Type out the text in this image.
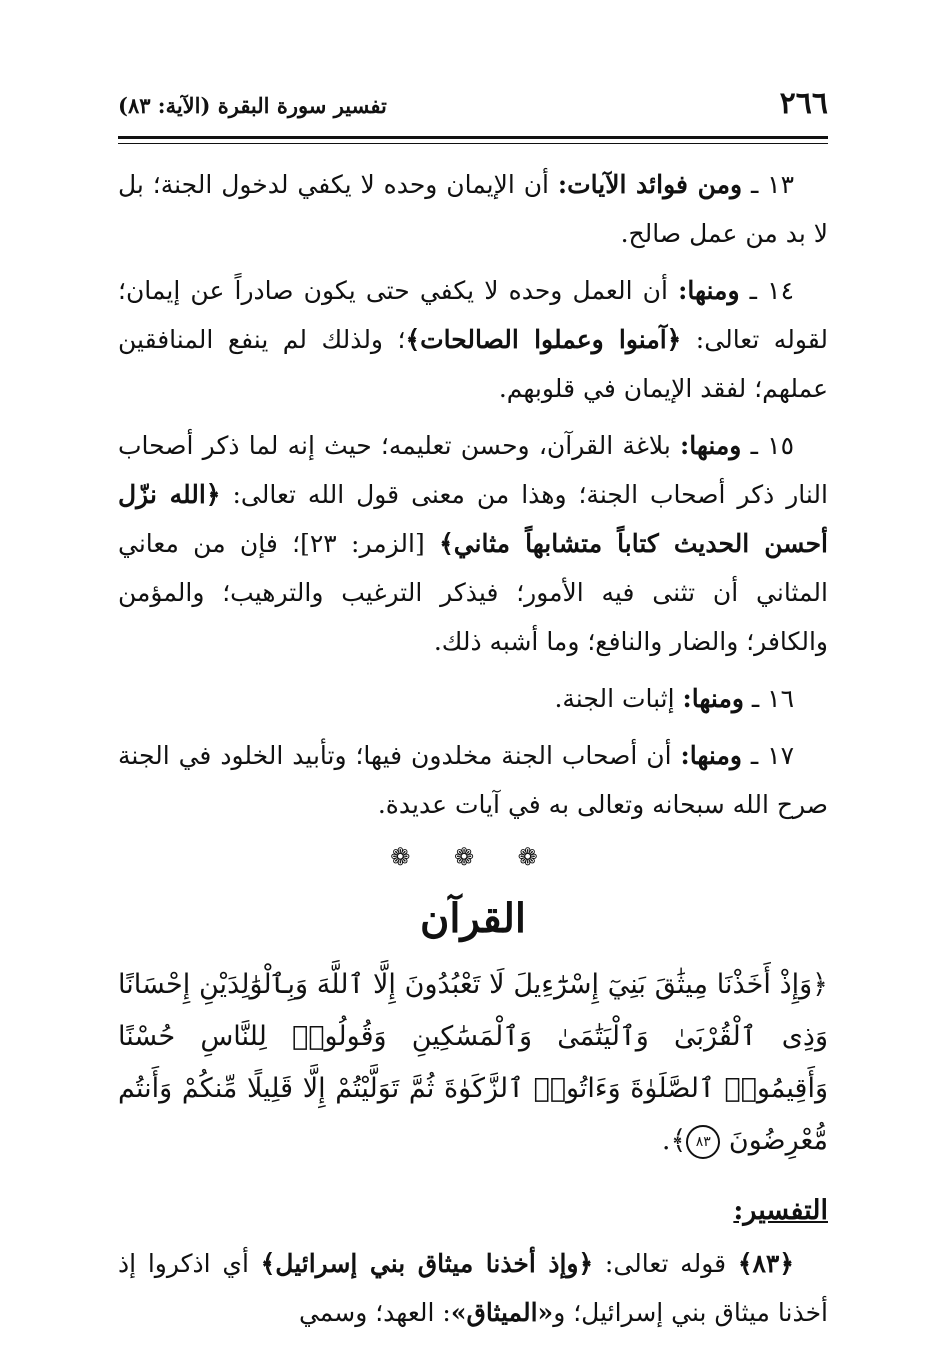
٢٦٦
تفسير سورة البقرة (الآية: ٨٣)

١٣ ـ ومن فوائد الآيات: أن الإيمان وحده لا يكفي لدخول الجنة؛ بل لا بد من عمل صالح.

١٤ ـ ومنها: أن العمل وحده لا يكفي حتى يكون صادراً عن إيمان؛ لقوله تعالى: ﴿آمنوا وعملوا الصالحات﴾؛ ولذلك لم ينفع المنافقين عملهم؛ لفقد الإيمان في قلوبهم.

١٥ ـ ومنها: بلاغة القرآن، وحسن تعليمه؛ حيث إنه لما ذكر أصحاب النار ذكر أصحاب الجنة؛ وهذا من معنى قول الله تعالى: ﴿الله نزّل أحسن الحديث كتاباً متشابهاً مثاني﴾ [الزمر: ٢٣]؛ فإن من معاني المثاني أن تثنى فيه الأمور؛ فيذكر الترغيب والترهيب؛ والمؤمن والكافر؛ والضار والنافع؛ وما أشبه ذلك.

١٦ ـ ومنها: إثبات الجنة.

١٧ ـ ومنها: أن أصحاب الجنة مخلدون فيها؛ وتأبيد الخلود في الجنة صرح الله سبحانه وتعالى به في آيات عديدة.

❁ ❁ ❁
القرآن

﴿وَإِذْ أَخَذْنَا مِيثَٰقَ بَنِيٓ إِسْرَٰٓءِيلَ لَا تَعْبُدُونَ إِلَّا ٱللَّهَ وَبِٱلْوَٰلِدَيْنِ إِحْسَانًا وَذِى ٱلْقُرْبَىٰ وَٱلْيَتَٰمَىٰ وَٱلْمَسَٰكِينِ وَقُولُوا۟ لِلنَّاسِ حُسْنًا وَأَقِيمُوا۟ ٱلصَّلَوٰةَ وَءَاتُوا۟ ٱلزَّكَوٰةَ ثُمَّ تَوَلَّيْتُمْ إِلَّا قَلِيلًا مِّنكُمْ وَأَنتُم مُّعْرِضُونَ ٨٣﴾.

التفسير:

﴿٨٣﴾ قوله تعالى: ﴿وإذ أخذنا ميثاق بني إسرائيل﴾ أي اذكروا إذ أخذنا ميثاق بني إسرائيل؛ و«الميثاق»: العهد؛ وسمي
